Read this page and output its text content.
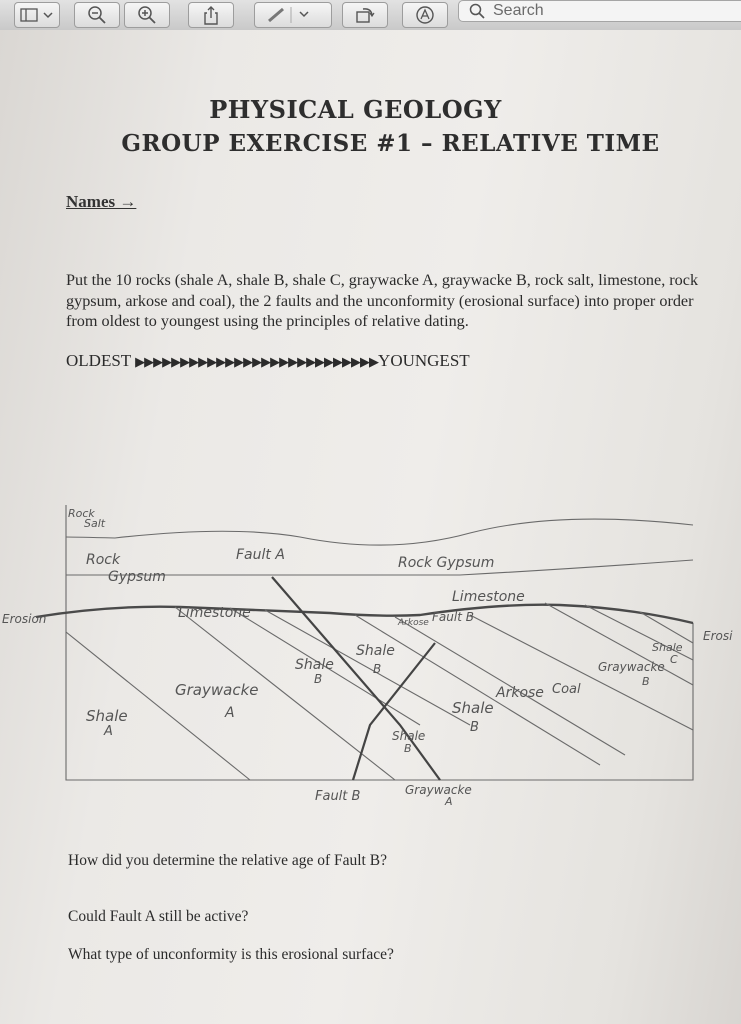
Search
PHYSICAL GEOLOGY
GROUP EXERCISE #1 – RELATIVE TIME
Names →
Put the 10 rocks (shale A, shale B, shale C, graywacke A, graywacke B, rock salt, limestone, rock gypsum, arkose and coal), the 2 faults and the unconformity (erosional surface) into proper order from oldest to youngest using the principles of relative dating.
OLDEST ▶▶▶▶▶▶▶▶▶▶▶▶▶▶▶▶▶▶▶▶▶▶▶▶▶▶▶YOUNGEST
Rock
Salt
Rock
Gypsum
Fault A	Rock Gypsum
Limestone
Fault B
Erosion
Erosi
Limestone
Arkose
Shale
B
Shale
B
Graywacke
A
Arkose Coal
Shale
C
Graywacke
B
Shale
A
Shale
B
Shale
B
Fault B	Graywacke
A
How did you determine the relative age of Fault B?
Could Fault A still be active?
What type of unconformity is this erosional surface?
